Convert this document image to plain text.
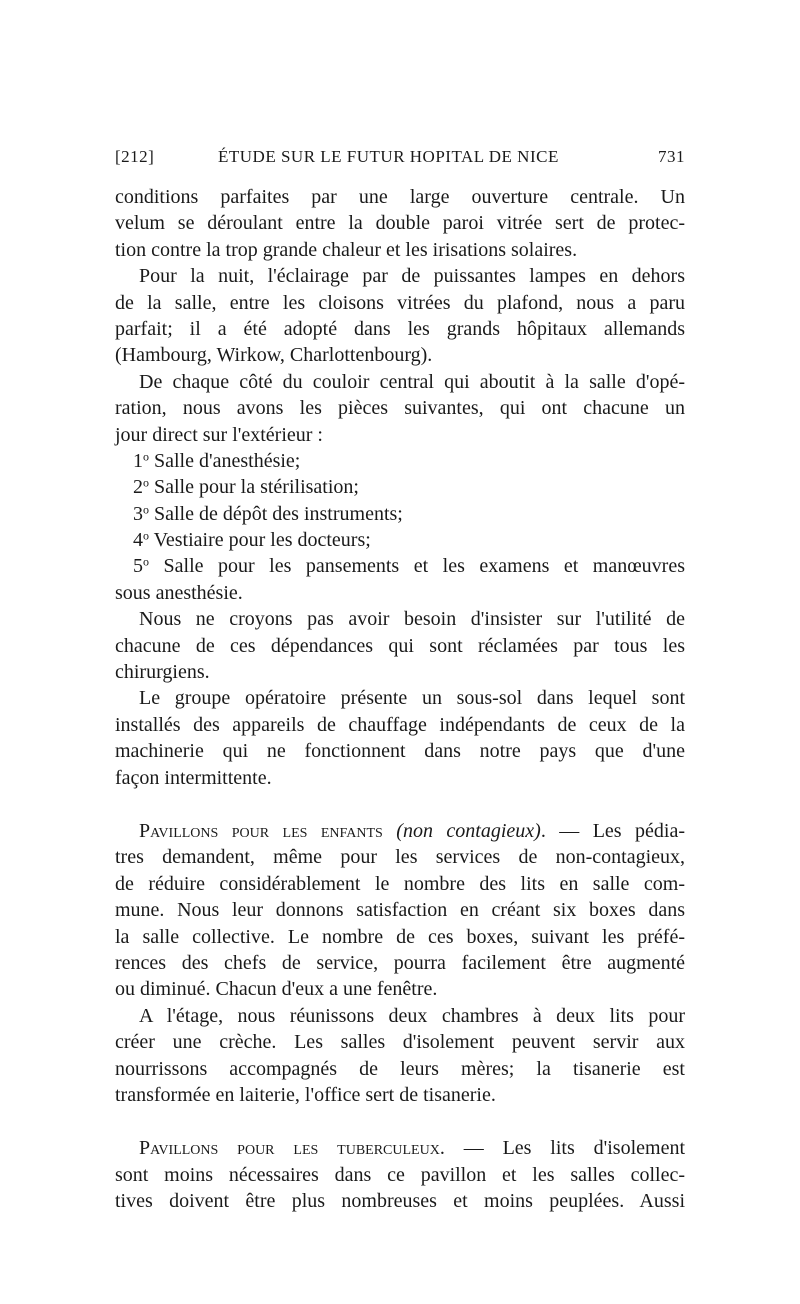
[212]	ÉTUDE SUR LE FUTUR HOPITAL DE NICE	731

conditions parfaites par une large ouverture centrale. Un
velum se déroulant entre la double paroi vitrée sert de protec-
tion contre la trop grande chaleur et les irisations solaires.

Pour la nuit, l'éclairage par de puissantes lampes en dehors
de la salle, entre les cloisons vitrées du plafond, nous a paru
parfait; il a été adopté dans les grands hôpitaux allemands
(Hambourg, Wirkow, Charlottenbourg).

De chaque côté du couloir central qui aboutit à la salle d'opé-
ration, nous avons les pièces suivantes, qui ont chacune un
jour direct sur l'extérieur :

1$^o$ Salle d'anesthésie;
2$^o$ Salle pour la stérilisation;
3$^o$ Salle de dépôt des instruments;
4$^o$ Vestiaire pour les docteurs;
5$^o$ Salle pour les pansements et les examens et manœuvres
sous anesthésie.

Nous ne croyons pas avoir besoin d'insister sur l'utilité de
chacune de ces dépendances qui sont réclamées par tous les
chirurgiens.

Le groupe opératoire présente un sous-sol dans lequel sont
installés des appareils de chauffage indépendants de ceux de la
machinerie qui ne fonctionnent dans notre pays que d'une
façon intermittente.

Pavillons pour les enfants (non contagieux). — Les pédia-
tres demandent, même pour les services de non-contagieux,
de réduire considérablement le nombre des lits en salle com-
mune. Nous leur donnons satisfaction en créant six boxes dans
la salle collective. Le nombre de ces boxes, suivant les préfé-
rences des chefs de service, pourra facilement être augmenté
ou diminué. Chacun d'eux a une fenêtre.

A l'étage, nous réunissons deux chambres à deux lits pour
créer une crèche. Les salles d'isolement peuvent servir aux
nourrissons accompagnés de leurs mères; la tisanerie est
transformée en laiterie, l'office sert de tisanerie.

Pavillons pour les tuberculeux. — Les lits d'isolement
sont moins nécessaires dans ce pavillon et les salles collec-
tives doivent être plus nombreuses et moins peuplées. Aussi
